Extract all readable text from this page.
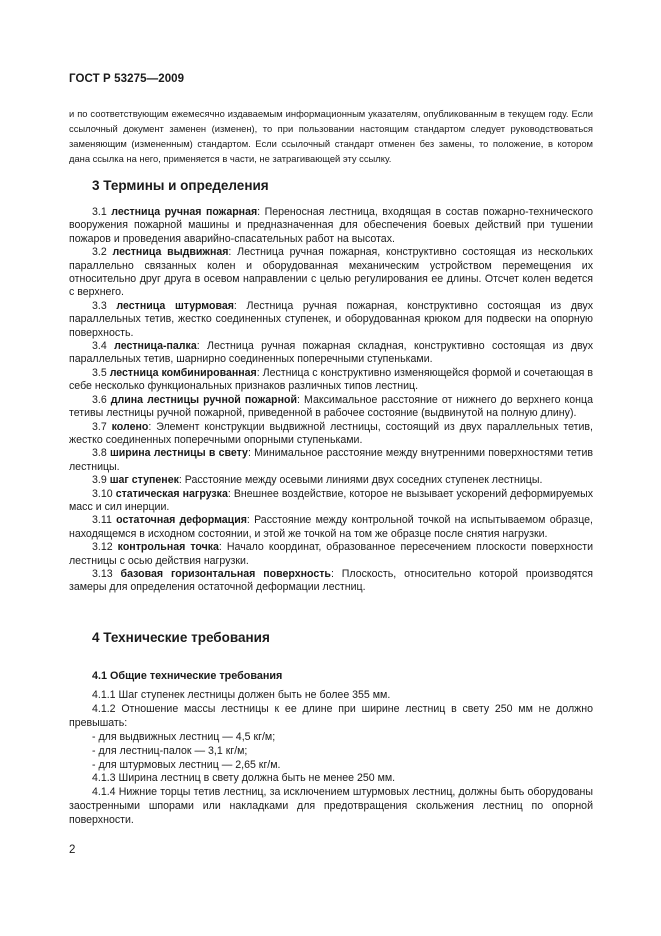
ГОСТ Р 53275—2009

и по соответствующим ежемесячно издаваемым информационным указателям, опубликованным в текущем году. Если ссылочный документ заменен (изменен), то при пользовании настоящим стандартом следует руководствоваться заменяющим (измененным) стандартом. Если ссылочный стандарт отменен без замены, то положение, в котором дана ссылка на него, применяется в части, не затрагивающей эту ссылку.

3 Термины и определения

3.1 лестница ручная пожарная: Переносная лестница, входящая в состав пожарно-технического вооружения пожарной машины и предназначенная для обеспечения боевых действий при тушении пожаров и проведения аварийно-спасательных работ на высотах.

3.2 лестница выдвижная: Лестница ручная пожарная, конструктивно состоящая из нескольких параллельно связанных колен и оборудованная механическим устройством перемещения их относительно друг друга в осевом направлении с целью регулирования ее длины. Отсчет колен ведется с верхнего.

3.3 лестница штурмовая: Лестница ручная пожарная, конструктивно состоящая из двух параллельных тетив, жестко соединенных ступенек, и оборудованная крюком для подвески на опорную поверхность.

3.4 лестница-палка: Лестница ручная пожарная складная, конструктивно состоящая из двух параллельных тетив, шарнирно соединенных поперечными ступеньками.

3.5 лестница комбинированная: Лестница с конструктивно изменяющейся формой и сочетающая в себе несколько функциональных признаков различных типов лестниц.

3.6 длина лестницы ручной пожарной: Максимальное расстояние от нижнего до верхнего конца тетивы лестницы ручной пожарной, приведенной в рабочее состояние (выдвинутой на полную длину).

3.7 колено: Элемент конструкции выдвижной лестницы, состоящий из двух параллельных тетив, жестко соединенных поперечными опорными ступеньками.

3.8 ширина лестницы в свету: Минимальное расстояние между внутренними поверхностями тетив лестницы.

3.9 шаг ступенек: Расстояние между осевыми линиями двух соседних ступенек лестницы.

3.10 статическая нагрузка: Внешнее воздействие, которое не вызывает ускорений деформируемых масс и сил инерции.

3.11 остаточная деформация: Расстояние между контрольной точкой на испытываемом образце, находящемся в исходном состоянии, и этой же точкой на том же образце после снятия нагрузки.

3.12 контрольная точка: Начало координат, образованное пересечением плоскости поверхности лестницы с осью действия нагрузки.

3.13 базовая горизонтальная поверхность: Плоскость, относительно которой производятся замеры для определения остаточной деформации лестниц.

4 Технические требования
4.1 Общие технические требования

4.1.1 Шаг ступенек лестницы должен быть не более 355 мм.

4.1.2 Отношение массы лестницы к ее длине при ширине лестниц в свету 250 мм не должно превышать:

- для выдвижных лестниц — 4,5 кг/м;

- для лестниц-палок — 3,1 кг/м;

- для штурмовых лестниц — 2,65 кг/м.

4.1.3 Ширина лестниц в свету должна быть не менее 250 мм.

4.1.4 Нижние торцы тетив лестниц, за исключением штурмовых лестниц, должны быть оборудованы заостренными шпорами или накладками для предотвращения скольжения лестниц по опорной поверхности.

2
